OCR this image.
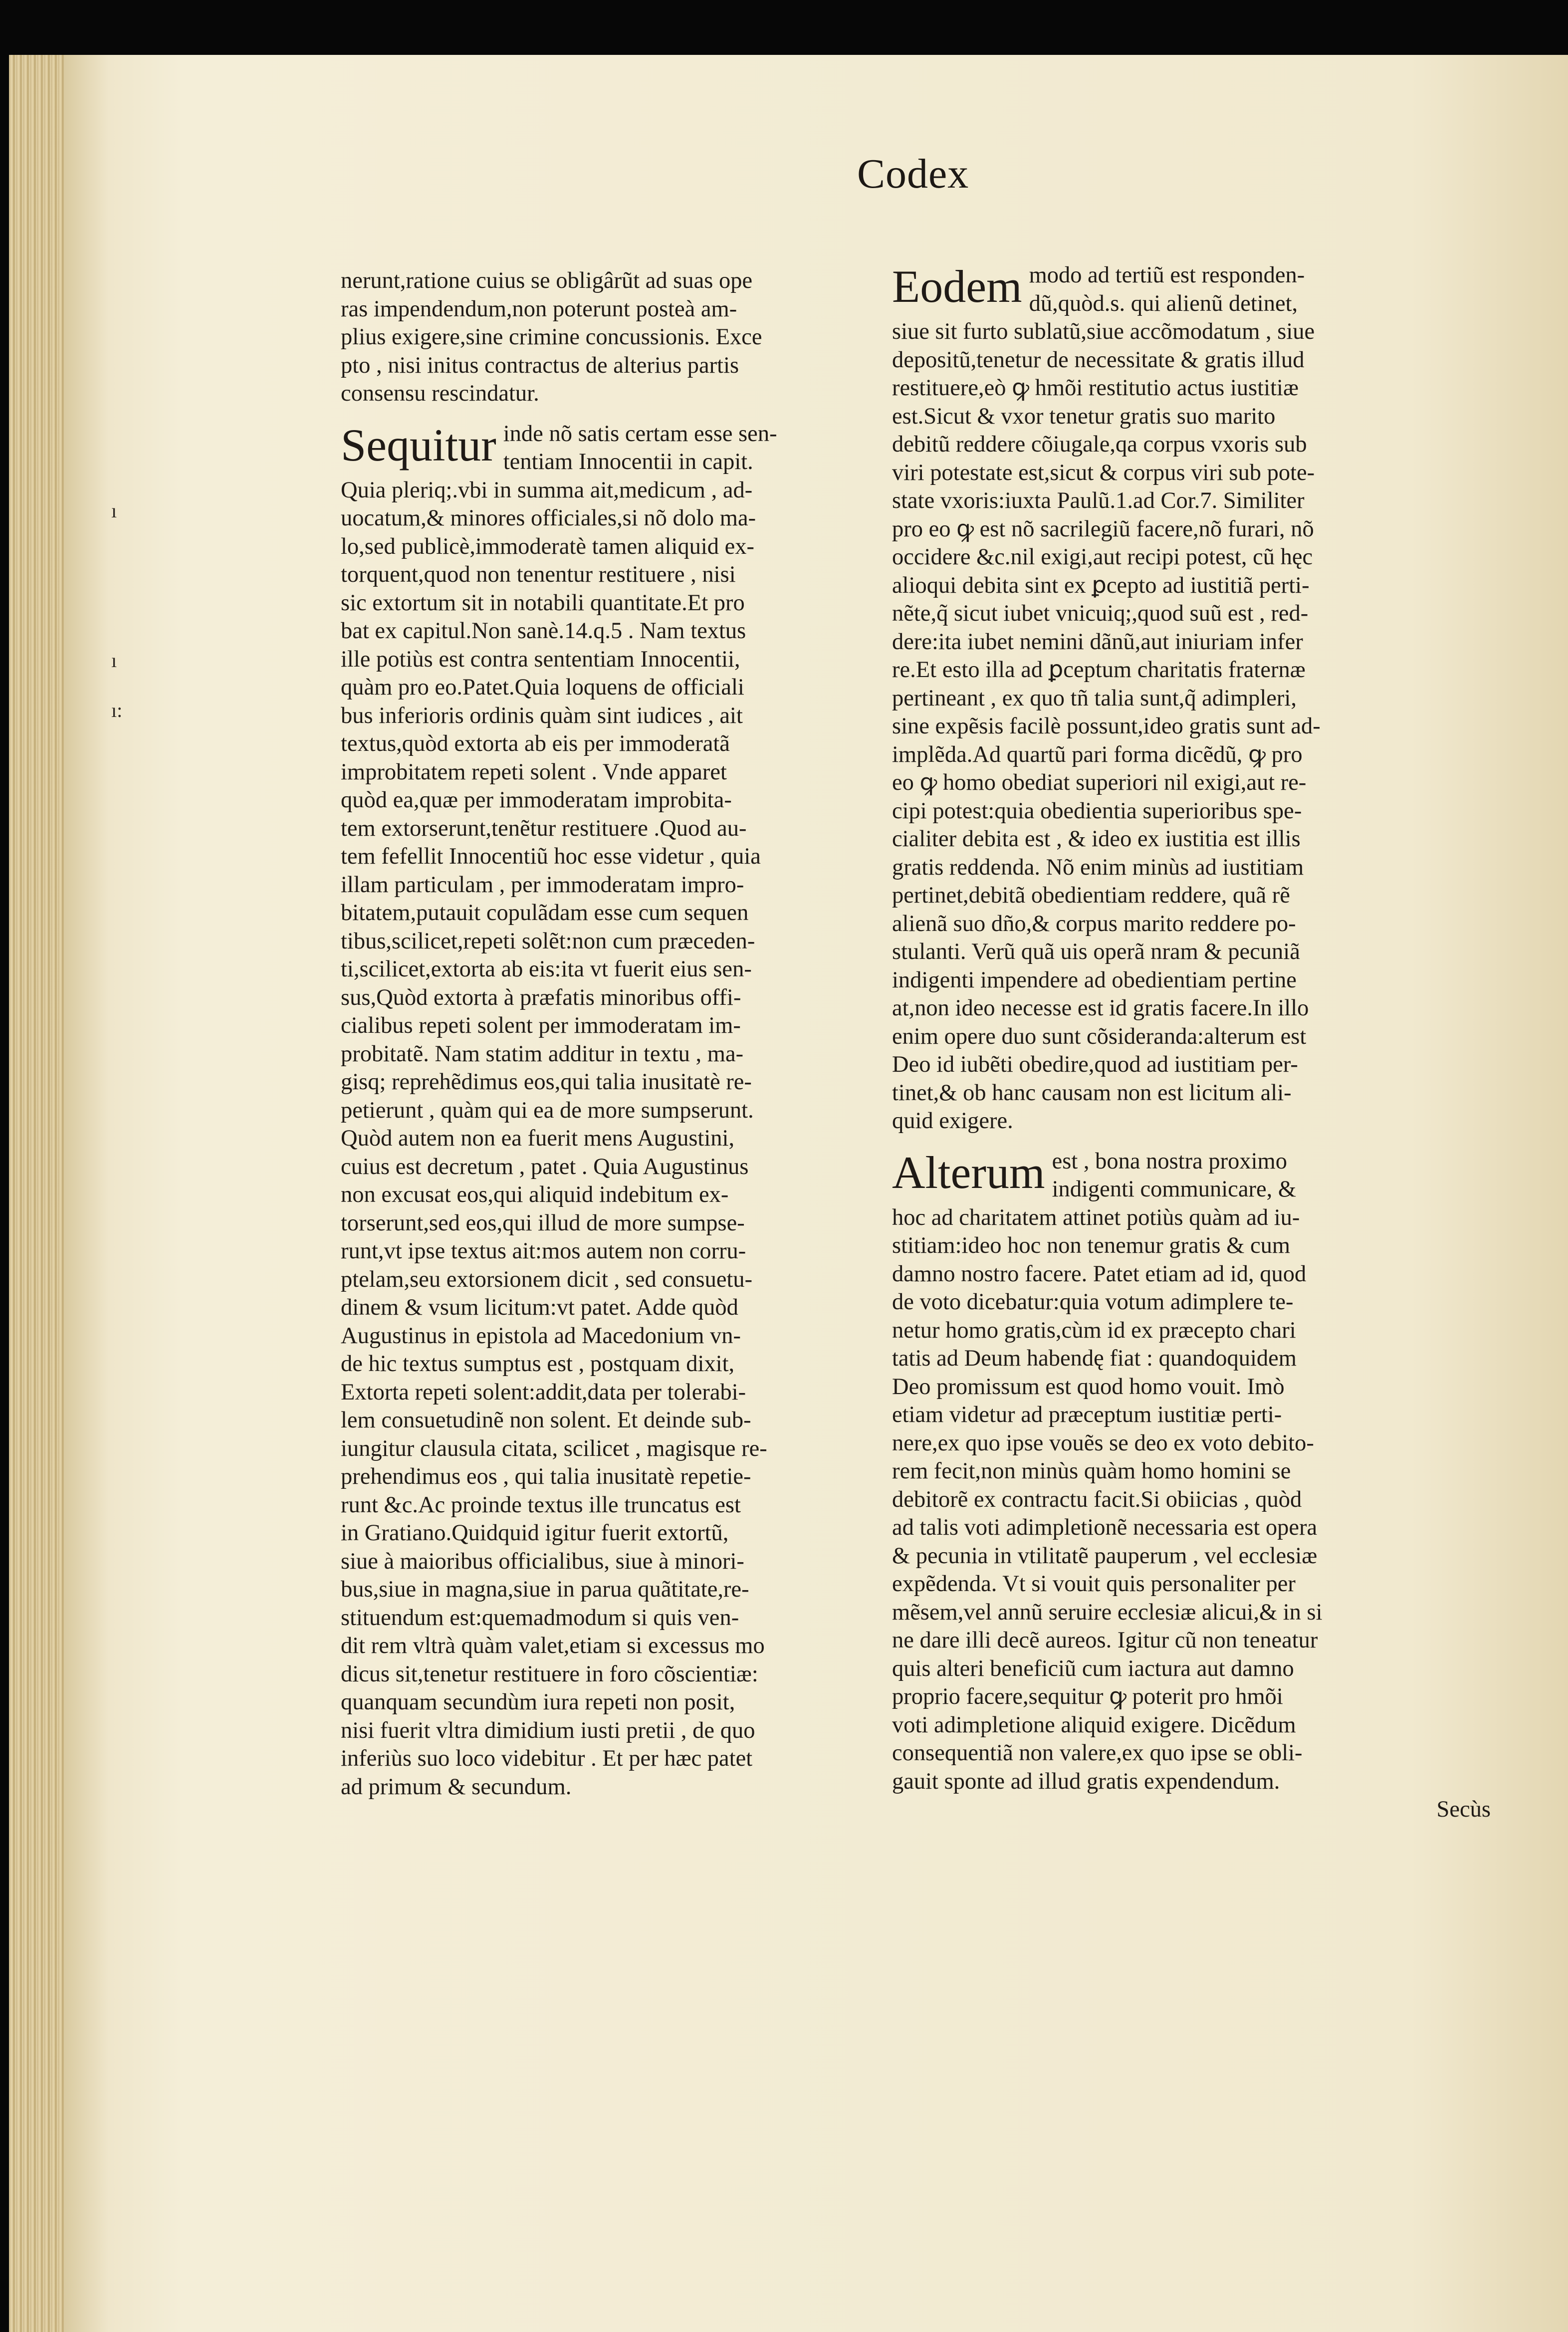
Codex
ı
ı
ı:
nerunt,ratione cuius se obligârũt ad suas ope
ras impendendum,non poterunt posteà am-
plius exigere,sine crimine concussionis. Exce
pto , nisi initus contractus de alterius partis
consensu rescindatur.
Sequitur inde nõ satis certam esse sen-
tentiam Innocentii in capit.
Quia pleriq;.vbi in summa ait,medicum , ad-
uocatum,& minores officiales,si nõ dolo ma-
lo,sed publicè,immoderatè tamen aliquid ex-
torquent,quod non tenentur restituere , nisi
sic extortum sit in notabili quantitate.Et pro
bat ex capitul.Non sanè.14.q.5 . Nam textus
ille potiùs est contra sententiam Innocentii,
quàm pro eo.Patet.Quia loquens de officiali
bus inferioris ordinis quàm sint iudices , ait
textus,quòd extorta ab eis per immoderatã
improbitatem repeti solent . Vnde apparet
quòd ea,quæ per immoderatam improbita-
tem extorserunt,tenẽtur restituere .Quod au-
tem fefellit Innocentiũ hoc esse videtur , quia
illam particulam , per immoderatam impro-
bitatem,putauit copulãdam esse cum sequen
tibus,scilicet,repeti solẽt:non cum præceden-
ti,scilicet,extorta ab eis:ita vt fuerit eius sen-
sus,Quòd extorta à præfatis minoribus offi-
cialibus repeti solent per immoderatam im-
probitatẽ. Nam statim additur in textu , ma-
gisq; reprehẽdimus eos,qui talia inusitatè re-
petierunt , quàm qui ea de more sumpserunt.
Quòd autem non ea fuerit mens Augustini,
cuius est decretum , patet . Quia Augustinus
non excusat eos,qui aliquid indebitum ex-
torserunt,sed eos,qui illud de more sumpse-
runt,vt ipse textus ait:mos autem non corru-
ptelam,seu extorsionem dicit , sed consuetu-
dinem & vsum licitum:vt patet. Adde quòd
Augustinus in epistola ad Macedonium vn-
de hic textus sumptus est , postquam dixit,
Extorta repeti solent:addit,data per tolerabi-
lem consuetudinẽ non solent. Et deinde sub-
iungitur clausula citata, scilicet , magisque re-
prehendimus eos , qui talia inusitatè repetie-
runt &c.Ac proinde textus ille truncatus est
in Gratiano.Quidquid igitur fuerit extortũ,
siue à maioribus officialibus, siue à minori-
bus,siue in magna,siue in parua quãtitate,re-
stituendum est:quemadmodum si quis ven-
dit rem vltrà quàm valet,etiam si excessus mo
dicus sit,tenetur restituere in foro cõscientiæ:
quanquam secundùm iura repeti non posit,
nisi fuerit vltra dimidium iusti pretii , de quo
inferiùs suo loco videbitur . Et per hæc patet
ad primum & secundum.
Eodem modo ad tertiũ est responden-
dũ,quòd.s. qui alienũ detinet,
siue sit furto sublatũ,siue accõmodatum , siue
depositũ,tenetur de necessitate & gratis illud
restituere,eò ꝙ hmõi restitutio actus iustitiæ
est.Sicut & vxor tenetur gratis suo marito
debitũ reddere cõiugale,qa corpus vxoris sub
viri potestate est,sicut & corpus viri sub pote-
state vxoris:iuxta Paulũ.1.ad Cor.7. Similiter
pro eo ꝙ est nõ sacrilegiũ facere,nõ furari, nõ
occidere &c.nil exigi,aut recipi potest, cũ hęc
alioqui debita sint ex ꝑcepto ad iustitiã perti-
nẽte,q̃ sicut iubet vnicuiq;,quod suũ est , red-
dere:ita iubet nemini dãnũ,aut iniuriam infer
re.Et esto illa ad ꝑceptum charitatis fraternæ
pertineant , ex quo tñ talia sunt,q̃ adimpleri,
sine expẽsis facilè possunt,ideo gratis sunt ad-
implẽda.Ad quartũ pari forma dicẽdũ, ꝙ pro
eo ꝙ homo obediat superiori nil exigi,aut re-
cipi potest:quia obedientia superioribus spe-
cialiter debita est , & ideo ex iustitia est illis
gratis reddenda. Nõ enim minùs ad iustitiam
pertinet,debitã obedientiam reddere, quã rẽ
alienã suo dño,& corpus marito reddere po-
stulanti. Verũ quã uis operã nram & pecuniã
indigenti impendere ad obedientiam pertine
at,non ideo necesse est id gratis facere.In illo
enim opere duo sunt cõsideranda:alterum est
Deo id iubẽti obedire,quod ad iustitiam per-
tinet,& ob hanc causam non est licitum ali-
quid exigere.
Alterum est , bona nostra proximo
indigenti communicare, &
hoc ad charitatem attinet potiùs quàm ad iu-
stitiam:ideo hoc non tenemur gratis & cum
damno nostro facere. Patet etiam ad id, quod
de voto dicebatur:quia votum adimplere te-
netur homo gratis,cùm id ex præcepto chari
tatis ad Deum habendę fiat : quandoquidem
Deo promissum est quod homo vouit. Imò
etiam videtur ad præceptum iustitiæ perti-
nere,ex quo ipse vouẽs se deo ex voto debito-
rem fecit,non minùs quàm homo homini se
debitorẽ ex contractu facit.Si obiicias , quòd
ad talis voti adimpletionẽ necessaria est opera
& pecunia in vtilitatẽ pauperum , vel ecclesiæ
expẽdenda. Vt si vouit quis personaliter per
mẽsem,vel annũ seruire ecclesiæ alicui,& in si
ne dare illi decẽ aureos. Igitur cũ non teneatur
quis alteri beneficiũ cum iactura aut damno
proprio facere,sequitur ꝙ poterit pro hmõi
voti adimpletione aliquid exigere. Dicẽdum
consequentiã non valere,ex quo ipse se obli-
gauit sponte ad illud gratis expendendum.
Secùs
